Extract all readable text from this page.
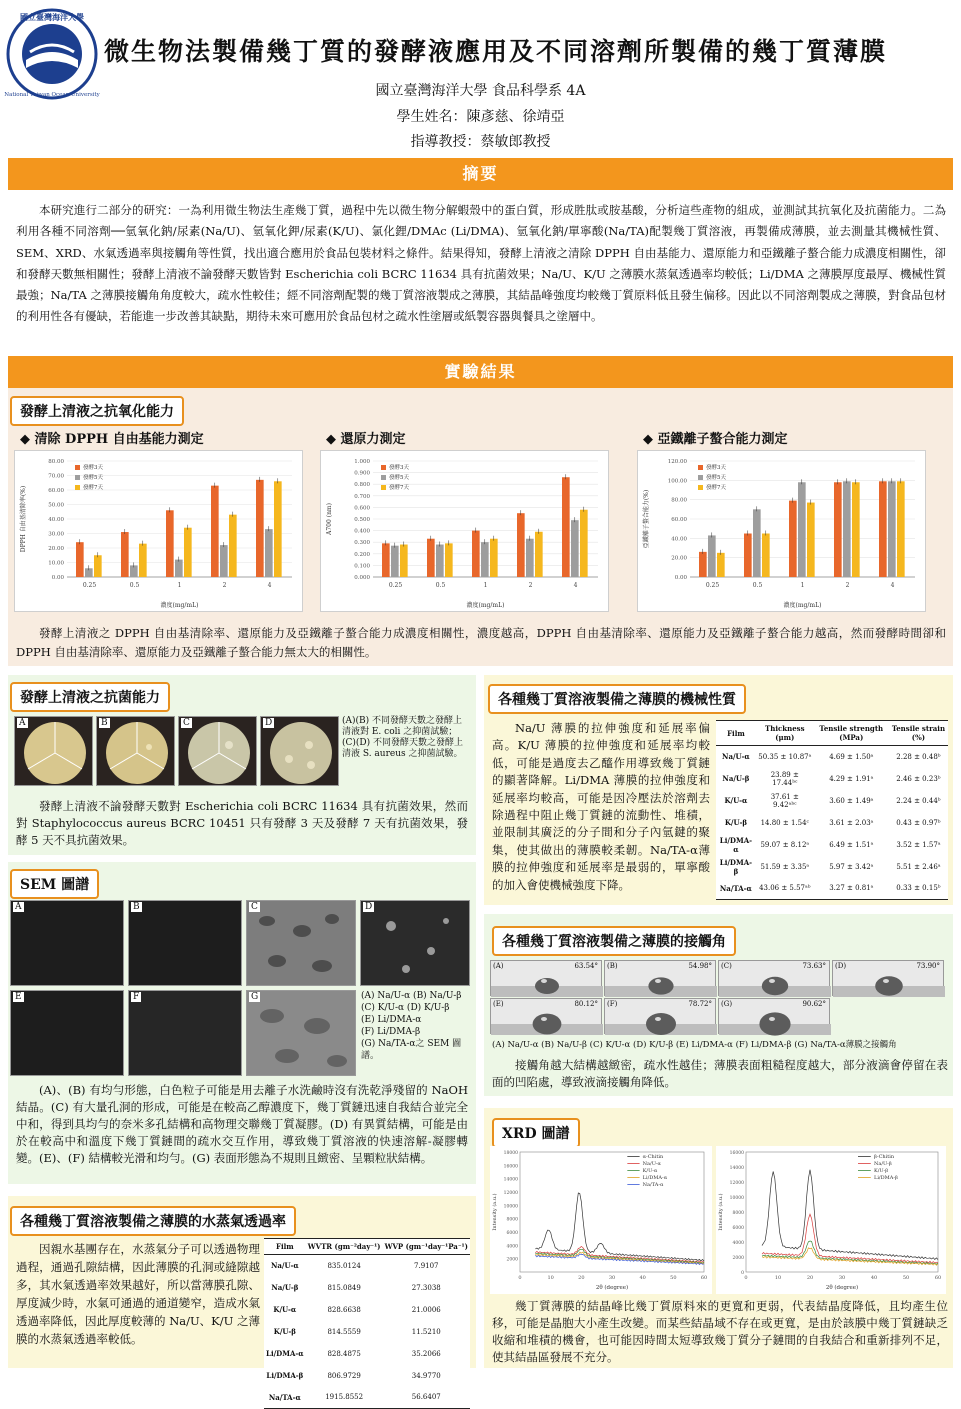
國立臺灣海洋大學
National Taiwan Ocean University
微生物法製備幾丁質的發酵液應用及不同溶劑所製備的幾丁質薄膜
國立臺灣海洋大學 食品科學系 4A
學生姓名：陳彥慈、徐靖亞
指導教授：蔡敏郎教授
摘要
本研究進行二部分的研究：一為利用微生物法生產幾丁質，過程中先以微生物分解蝦殼中的蛋白質，形成胜肽或胺基酸，分析這些產物的組成，並測試其抗氧化及抗菌能力。二為利用各種不同溶劑──氫氧化鈉/尿素(Na/U)、氫氧化鉀/尿素(K/U)、氯化鋰/DMAc (Li/DMA)、氫氧化鈉/單寧酸(Na/TA)配製幾丁質溶液，再製備成薄膜，並去測量其機械性質、SEM、XRD、水氣透過率與接觸角等性質，找出適合應用於食品包裝材料之條件。結果得知，發酵上清液之清除 DPPH 自由基能力、還原能力和亞鐵離子螯合能力成濃度相關性，卻和發酵天數無相關性；發酵上清液不論發酵天數皆對 Escherichia coli BCRC 11634 具有抗菌效果；Na/U、K/U 之薄膜水蒸氣透過率均較低；Li/DMA 之薄膜厚度最厚、機械性質最強；Na/TA 之薄膜接觸角角度較大，疏水性較佳；經不同溶劑配製的幾丁質溶液製成之薄膜，其結晶峰強度均較幾丁質原料低且發生偏移。因此以不同溶劑製成之薄膜，對食品包材的利用性各有優缺，若能進一步改善其缺點，期待未來可應用於食品包材之疏水性塗層或紙製容器與餐具之塗層中。
實驗結果
發酵上清液之抗氧化能力
◆ 清除 DPPH 自由基能力測定	◆ 還原力測定	◆ 亞鐵離子螯合能力測定
0.00
10.00
20.00
30.00
40.00
50.00
60.00
70.00
80.00
DPPH 自由基清除率(%)
濃度(mg/mL)
0.25	0.5	1	2	4
發酵3天
發酵5天
發酵7天
0.000
0.100
0.200
0.300
0.400
0.500
0.600
0.700
0.800
0.900
1.000
A700 (nm)
濃度(mg/mL)
0.25	0.5	1	2	4
發酵3天
發酵5天
發酵7天
0.00
20.00
40.00
60.00
80.00
100.00
120.00
亞鐵離子螯合能力(%)
濃度(mg/mL)
0.25	0.5	1	2	4
發酵3天
發酵5天
發酵7天
發酵上清液之 DPPH 自由基清除率、還原能力及亞鐵離子螯合能力成濃度相關性，濃度越高，DPPH 自由基清除率、還原能力及亞鐵離子螯合能力越高，然而發酵時間卻和 DPPH 自由基清除率、還原能力及亞鐵離子螯合能力無太大的相關性。
發酵上清液之抗菌能力
A	B	C	D	(A)(B) 不同發酵天數之發酵上清液對 E. coli 之抑菌試驗；
(C)(D) 不同發酵天數之發酵上清液 S. aureus 之抑菌試驗。
發酵上清液不論發酵天數對 Escherichia coli BCRC 11634 具有抗菌效果，然而對 Staphylococcus aureus BCRC 10451 只有發酵 3 天及發酵 7 天有抗菌效果，發酵 5 天不具抗菌效果。
SEM 圖譜
A	B	C	D
E	F	G	(A) Na/U-α (B) Na/U-β
(C) K/U-α (D) K/U-β
(E) Li/DMA-α
(F) Li/DMA-β
(G) Na/TA-α之 SEM 圖譜。
(A)、(B) 有均勻形態，白色粒子可能是用去離子水洗鹼時沒有洗乾淨殘留的 NaOH 結晶。(C) 有大量孔洞的形成，可能是在較高乙醇濃度下，幾丁質鏈迅速自我結合並完全中和，得到具均勻的奈米多孔結構和高物理交聯幾丁質凝膠。(D) 有異質結構，可能是由於在較高中和溫度下幾丁質鏈間的疏水交互作用，導致幾丁質溶液的快速溶解-凝膠轉變。(E)、(F) 結構較光滑和均勻。(G) 表面形態為不規則且緻密、呈顆粒狀結構。
各種幾丁質溶液製備之薄膜的水蒸氣透過率
因親水基團存在，水蒸氣分子可以透過物理過程，通過孔隙結構，因此薄膜的孔洞或縫隙越多，其水氣透過率效果越好，所以當薄膜孔隙、厚度減少時，水氣可通過的通道變窄，造成水氣透過率降低，因此厚度較薄的 Na/U、K/U 之薄膜的水蒸氣透過率較低。
Film	WVTR (gm⁻²day⁻¹)	WVP (gm⁻¹day⁻¹Pa⁻¹)
Na/U-α	835.0124	7.9107
Na/U-β	815.0849	27.3038
K/U-α	828.6638	21.0006
K/U-β	814.5559	11.5210
Li/DMA-α	828.4875	35.2066
Li/DMA-β	806.9729	34.9770
Na/TA-α	1915.8552	56.6407
各種幾丁質溶液製備之薄膜的機械性質
Na/U 薄膜的拉伸強度和延展率偏高。K/U 薄膜的拉伸強度和延展率均較低，可能是過度去乙醯作用導致幾丁質鏈的顯著降解。Li/DMA 薄膜的拉伸強度和延展率均較高，可能是因冷壓法於溶劑去除過程中阻止幾丁質鏈的流動性、堆積，並限制其廣泛的分子間和分子內氫鍵的聚集，使其做出的薄膜較柔韌。Na/TA-α薄膜的拉伸強度和延展率是最弱的，單寧酸的加入會使機械強度下降。
Film	Thickness (μm)	Tensile strength (MPa)	Tensile strain (%)
Na/U-α	50.35 ± 10.87ᵃ	4.69 ± 1.50ᵃ	2.28 ± 0.48ᵇ
Na/U-β	23.89 ± 17.44ᵇᶜ	4.29 ± 1.91ᵃ	2.46 ± 0.23ᵇ
K/U-α	37.61 ± 9.42ᵃᵇᶜ	3.60 ± 1.49ᵃ	2.24 ± 0.44ᵇ
K/U-β	14.80 ± 1.54ᶜ	3.61 ± 2.03ᵃ	0.43 ± 0.97ᵇ
Li/DMA-α	59.07 ± 8.12ᵃ	6.49 ± 1.51ᵃ	3.52 ± 1.57ᵃ
Li/DMA-β	51.59 ± 3.35ᵃ	5.97 ± 3.42ᵃ	5.51 ± 2.46ᵃ
Na/TA-α	43.06 ± 5.57ᵃᵇ	3.27 ± 0.81ᵃ	0.33 ± 0.15ᵇ
各種幾丁質溶液製備之薄膜的接觸角
(A)	63.54° (B)	54.98° (C)	73.63° (D)	73.90°
(E)	80.12° (F)	78.72° (G)	90.62°
(A) Na/U-α (B) Na/U-β (C) K/U-α (D) K/U-β (E) Li/DMA-α (F) Li/DMA-β (G) Na/TA-α薄膜之接觸角
接觸角越大結構越緻密，疏水性越佳；薄膜表面粗糙程度越大，部分液滴會停留在表面的凹陷處，導致液滴接觸角降低。
XRD 圖譜
2000
4000
6000
8000
10000
12000
14000
16000
18000
0	10	20	30	40	50	60
2θ (degree)
Intensity (a.u.)
α-Chitin
Na/U-α
K/U-α
Li/DMA-α
Na/TA-α
0
2000
4000
6000
8000
10000
12000
14000
16000
0	10	20	30	40	50	60
2θ (degree)
Intensity (a.u.)
β-Chitin
Na/U-β
K/U-β
Li/DMA-β
幾丁質薄膜的結晶峰比幾丁質原料來的更寬和更弱，代表結晶度降低，且均產生位移，可能是晶胞大小產生改變。而某些結晶域不存在或更寬，是由於該膜中幾丁質鏈缺乏收縮和堆積的機會，也可能因時間太短導致幾丁質分子鏈間的自我結合和重新排列不足，使其結晶區發展不充分。
